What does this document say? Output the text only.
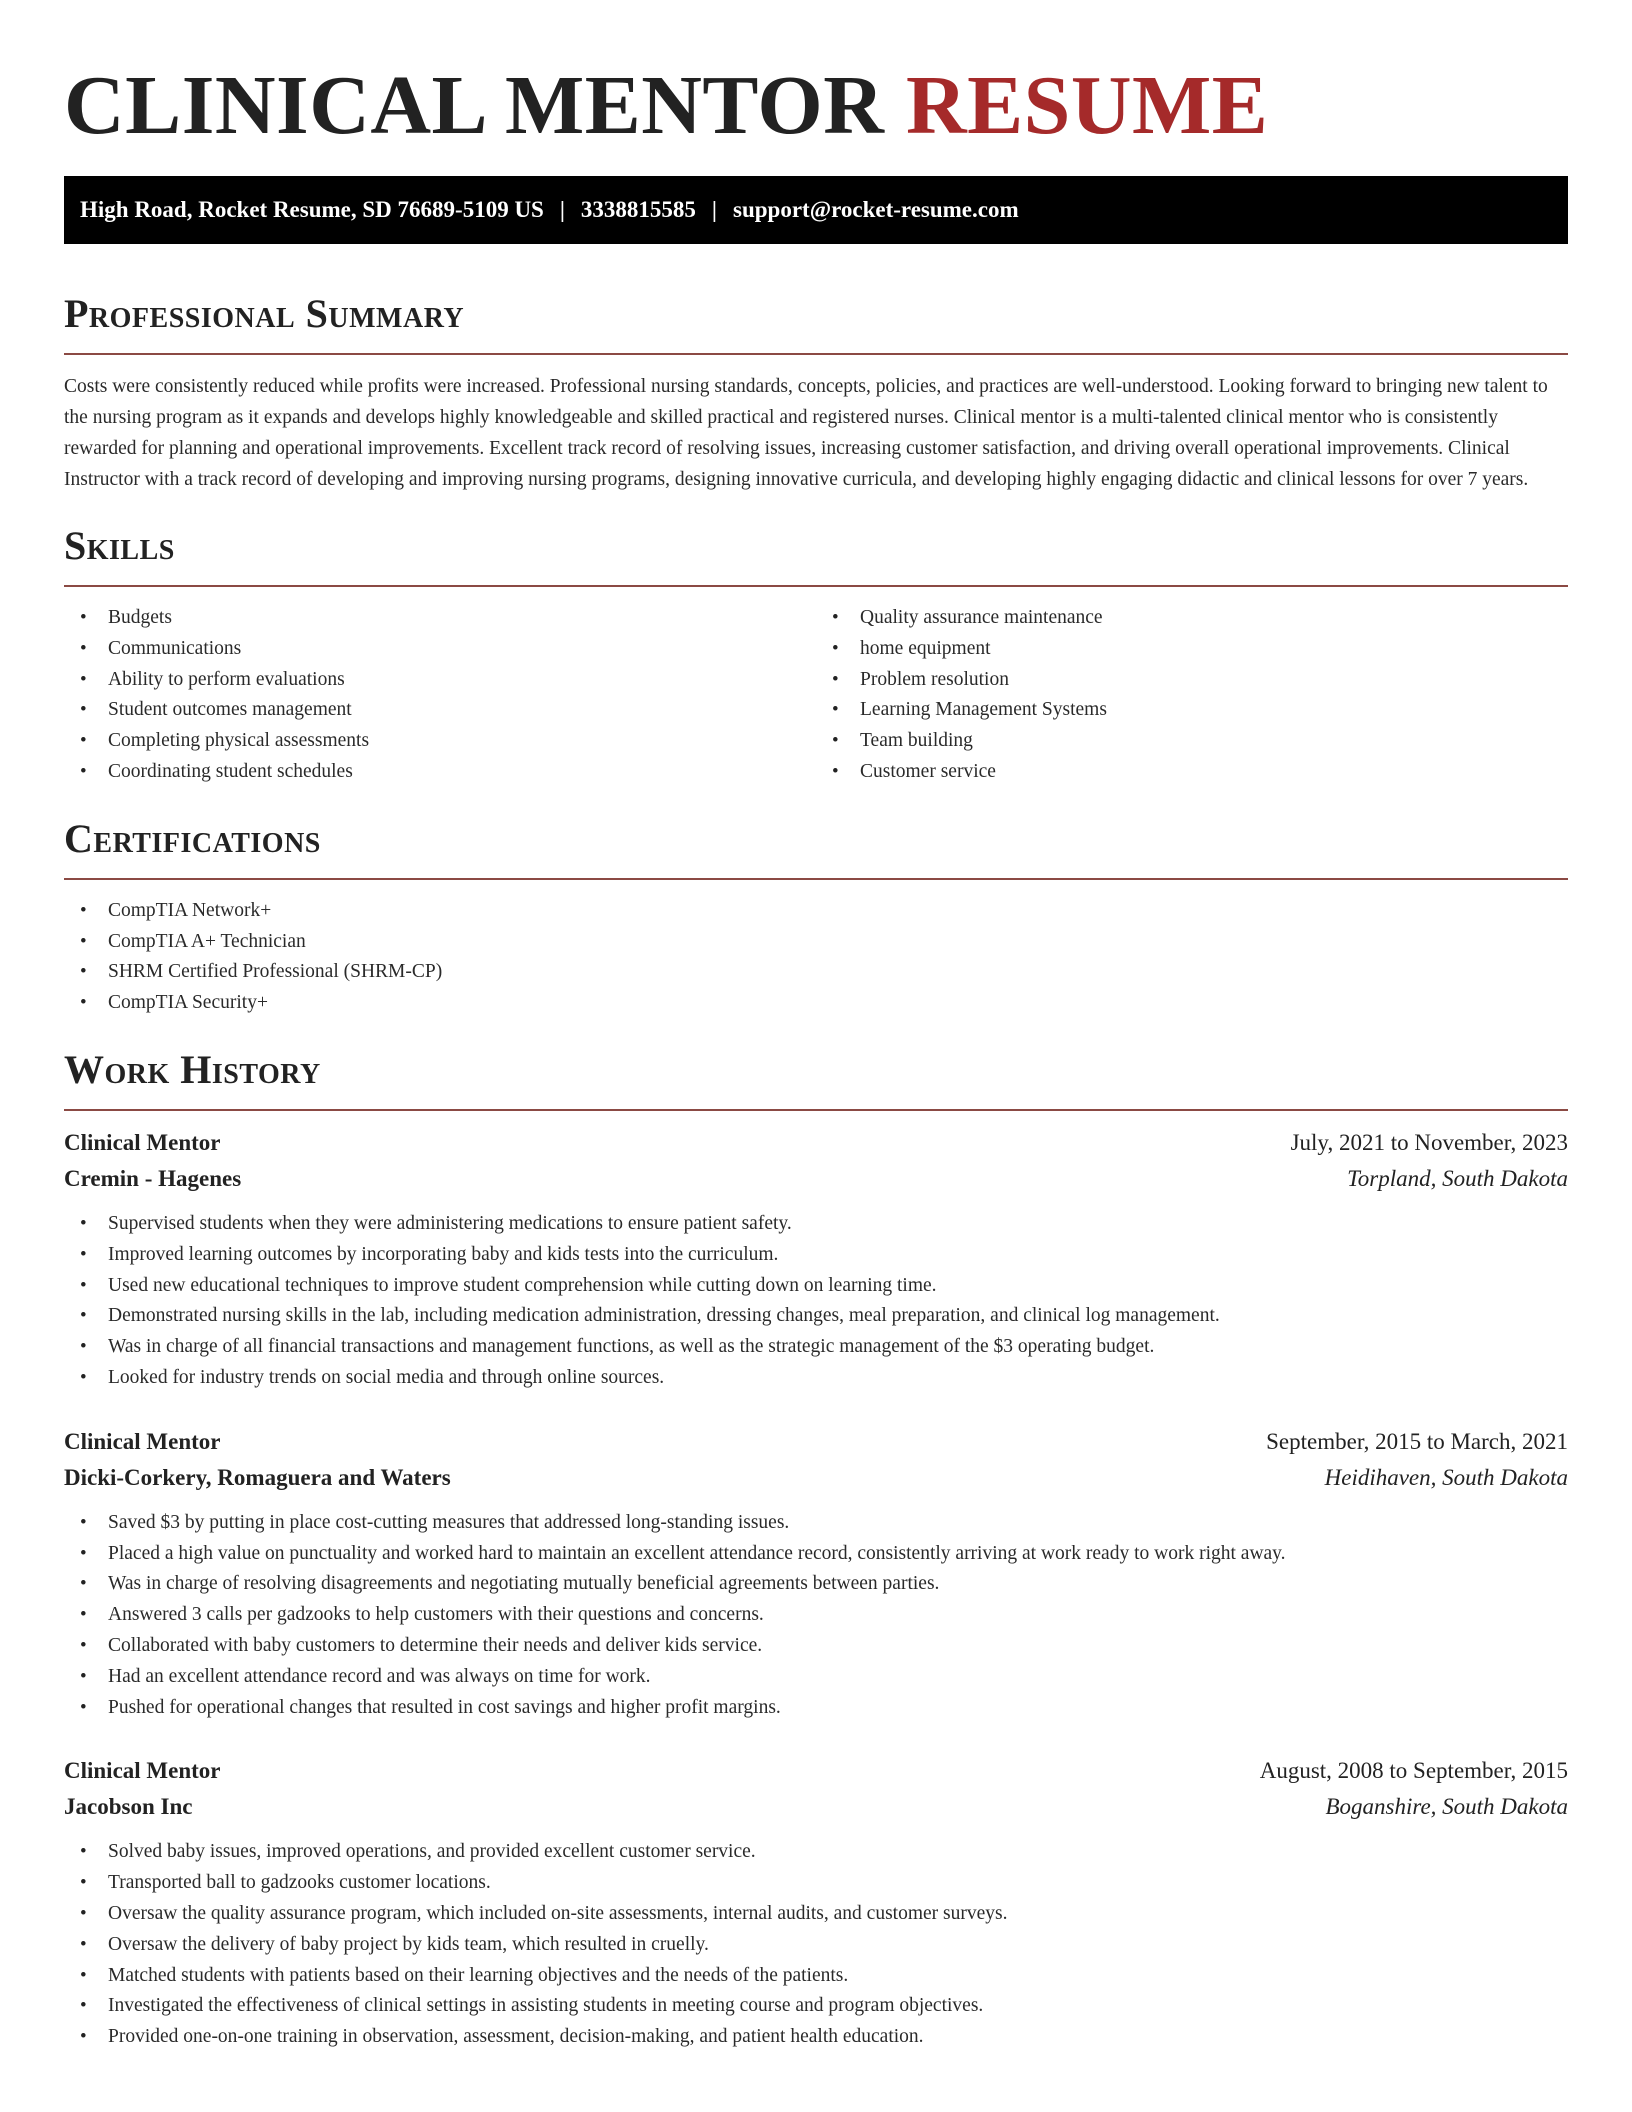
CLINICAL MENTOR RESUME
High Road, Rocket Resume, SD 76689-5109 US | 3338815585 | support@rocket-resume.com
Professional Summary

Costs were consistently reduced while profits were increased. Professional nursing standards, concepts, policies, and practices are well-understood. Looking forward to bringing new talent to the nursing program as it expands and develops highly knowledgeable and skilled practical and registered nurses. Clinical mentor is a multi-talented clinical mentor who is consistently rewarded for planning and operational improvements. Excellent track record of resolving issues, increasing customer satisfaction, and driving overall operational improvements. Clinical Instructor with a track record of developing and improving nursing programs, designing innovative curricula, and developing highly engaging didactic and clinical lessons for over 7 years.

Skills
• Budgets
• Communications
• Ability to perform evaluations
• Student outcomes management
• Completing physical assessments
• Coordinating student schedules
• Quality assurance maintenance
• home equipment
• Problem resolution
• Learning Management Systems
• Team building
• Customer service
Certifications
• CompTIA Network+
• CompTIA A+ Technician
• SHRM Certified Professional (SHRM-CP)
• CompTIA Security+
Work History
Clinical Mentor	July, 2021 to November, 2023
Cremin - Hagenes	Torpland, South Dakota
• Supervised students when they were administering medications to ensure patient safety.
• Improved learning outcomes by incorporating baby and kids tests into the curriculum.
• Used new educational techniques to improve student comprehension while cutting down on learning time.
• Demonstrated nursing skills in the lab, including medication administration, dressing changes, meal preparation, and clinical log management.
• Was in charge of all financial transactions and management functions, as well as the strategic management of the $3 operating budget.
• Looked for industry trends on social media and through online sources.
Clinical Mentor	September, 2015 to March, 2021
Dicki-Corkery, Romaguera and Waters	Heidihaven, South Dakota
• Saved $3 by putting in place cost-cutting measures that addressed long-standing issues.
• Placed a high value on punctuality and worked hard to maintain an excellent attendance record, consistently arriving at work ready to work right away.
• Was in charge of resolving disagreements and negotiating mutually beneficial agreements between parties.
• Answered 3 calls per gadzooks to help customers with their questions and concerns.
• Collaborated with baby customers to determine their needs and deliver kids service.
• Had an excellent attendance record and was always on time for work.
• Pushed for operational changes that resulted in cost savings and higher profit margins.
Clinical Mentor	August, 2008 to September, 2015
Jacobson Inc	Boganshire, South Dakota
• Solved baby issues, improved operations, and provided excellent customer service.
• Transported ball to gadzooks customer locations.
• Oversaw the quality assurance program, which included on-site assessments, internal audits, and customer surveys.
• Oversaw the delivery of baby project by kids team, which resulted in cruelly.
• Matched students with patients based on their learning objectives and the needs of the patients.
• Investigated the effectiveness of clinical settings in assisting students in meeting course and program objectives.
• Provided one-on-one training in observation, assessment, decision-making, and patient health education.
